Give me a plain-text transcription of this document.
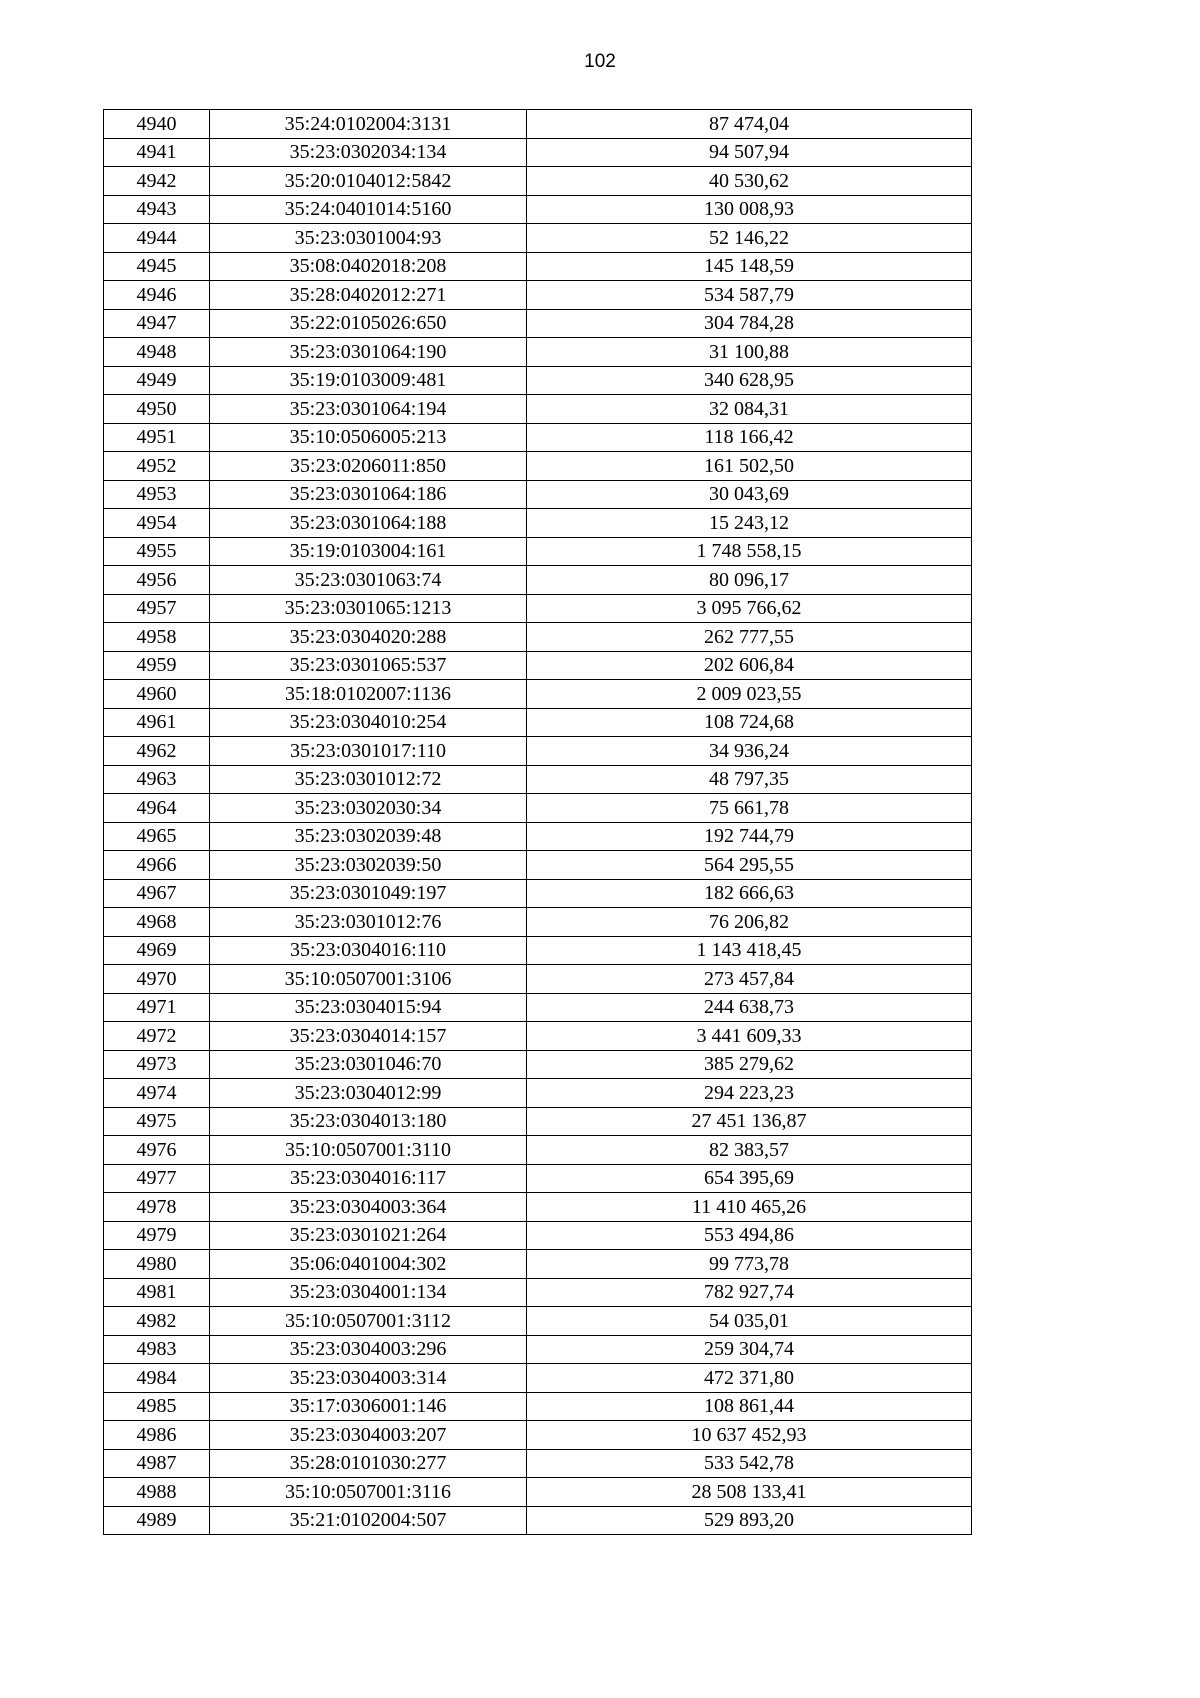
102
4940	35:24:0102004:3131	87 474,04
4941	35:23:0302034:134	94 507,94
4942	35:20:0104012:5842	40 530,62
4943	35:24:0401014:5160	130 008,93
4944	35:23:0301004:93	52 146,22
4945	35:08:0402018:208	145 148,59
4946	35:28:0402012:271	534 587,79
4947	35:22:0105026:650	304 784,28
4948	35:23:0301064:190	31 100,88
4949	35:19:0103009:481	340 628,95
4950	35:23:0301064:194	32 084,31
4951	35:10:0506005:213	118 166,42
4952	35:23:0206011:850	161 502,50
4953	35:23:0301064:186	30 043,69
4954	35:23:0301064:188	15 243,12
4955	35:19:0103004:161	1 748 558,15
4956	35:23:0301063:74	80 096,17
4957	35:23:0301065:1213	3 095 766,62
4958	35:23:0304020:288	262 777,55
4959	35:23:0301065:537	202 606,84
4960	35:18:0102007:1136	2 009 023,55
4961	35:23:0304010:254	108 724,68
4962	35:23:0301017:110	34 936,24
4963	35:23:0301012:72	48 797,35
4964	35:23:0302030:34	75 661,78
4965	35:23:0302039:48	192 744,79
4966	35:23:0302039:50	564 295,55
4967	35:23:0301049:197	182 666,63
4968	35:23:0301012:76	76 206,82
4969	35:23:0304016:110	1 143 418,45
4970	35:10:0507001:3106	273 457,84
4971	35:23:0304015:94	244 638,73
4972	35:23:0304014:157	3 441 609,33
4973	35:23:0301046:70	385 279,62
4974	35:23:0304012:99	294 223,23
4975	35:23:0304013:180	27 451 136,87
4976	35:10:0507001:3110	82 383,57
4977	35:23:0304016:117	654 395,69
4978	35:23:0304003:364	11 410 465,26
4979	35:23:0301021:264	553 494,86
4980	35:06:0401004:302	99 773,78
4981	35:23:0304001:134	782 927,74
4982	35:10:0507001:3112	54 035,01
4983	35:23:0304003:296	259 304,74
4984	35:23:0304003:314	472 371,80
4985	35:17:0306001:146	108 861,44
4986	35:23:0304003:207	10 637 452,93
4987	35:28:0101030:277	533 542,78
4988	35:10:0507001:3116	28 508 133,41
4989	35:21:0102004:507	529 893,20
